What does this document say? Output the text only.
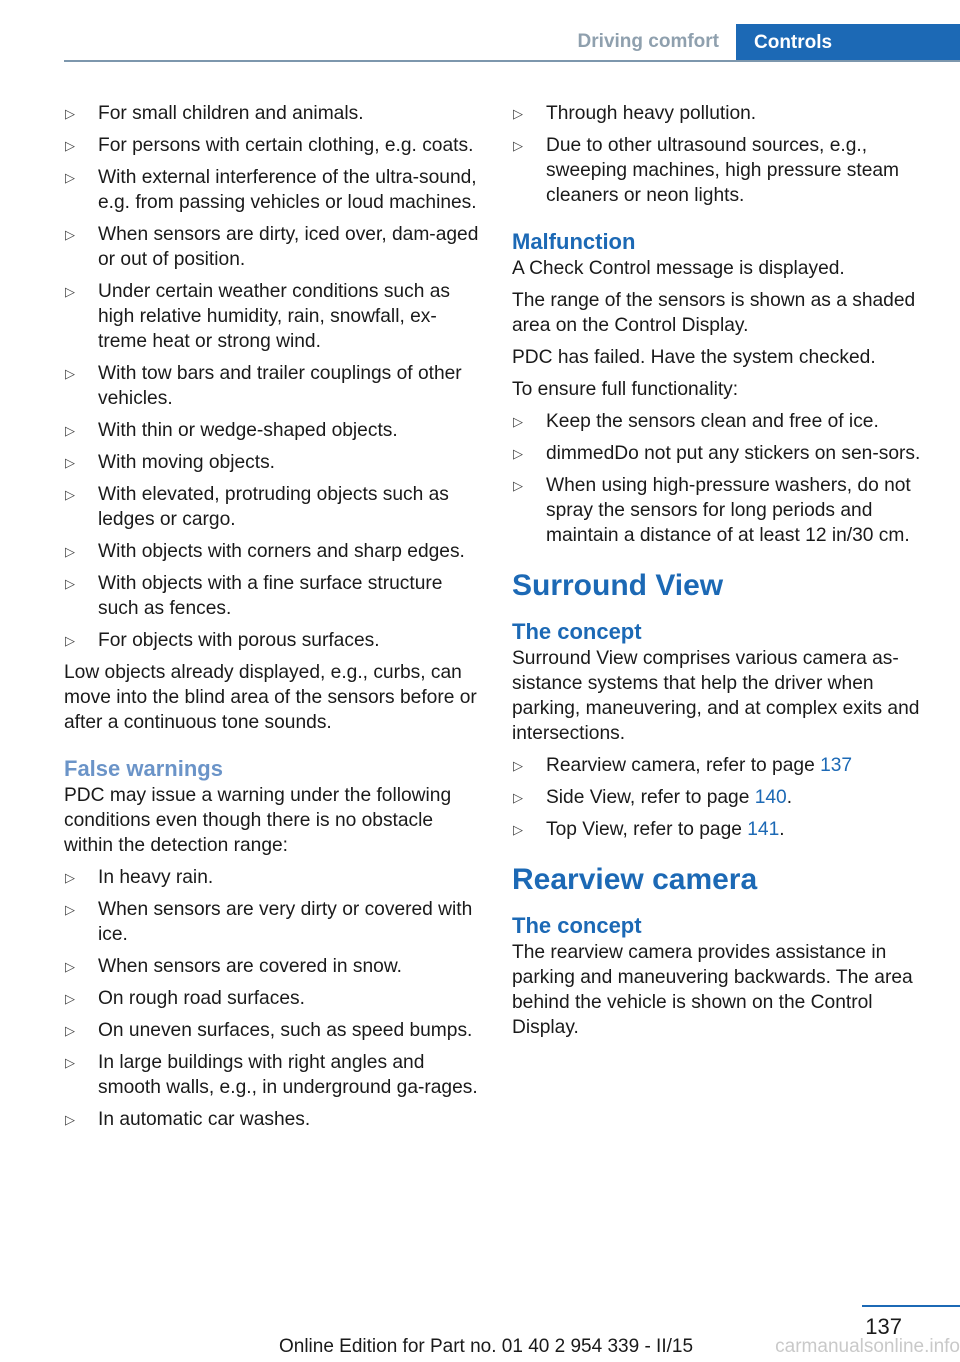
Driving comfort	Controls
▷ For small children and animals.
▷ For persons with certain clothing, e.g. coats.
▷ With external interference of the ultra-sound, e.g. from passing vehicles or loud machines.
▷ When sensors are dirty, iced over, dam-aged or out of position.
▷ Under certain weather conditions such as high relative humidity, rain, snowfall, ex-treme heat or strong wind.
▷ With tow bars and trailer couplings of other vehicles.
▷ With thin or wedge-shaped objects.
▷ With moving objects.
▷ With elevated, protruding objects such as ledges or cargo.
▷ With objects with corners and sharp edges.
▷ With objects with a fine surface structure such as fences.
▷ For objects with porous surfaces.
Low objects already displayed, e.g., curbs, can move into the blind area of the sensors before or after a continuous tone sounds.
False warnings
PDC may issue a warning under the following conditions even though there is no obstacle within the detection range:
▷ In heavy rain.
▷ When sensors are very dirty or covered with ice.
▷ When sensors are covered in snow.
▷ On rough road surfaces.
▷ On uneven surfaces, such as speed bumps.
▷ In large buildings with right angles and smooth walls, e.g., in underground ga-rages.
▷ In automatic car washes.
▷ Through heavy pollution.
▷ Due to other ultrasound sources, e.g., sweeping machines, high pressure steam cleaners or neon lights.
Malfunction
A Check Control message is displayed.
The range of the sensors is shown as a shaded area on the Control Display.
PDC has failed. Have the system checked.
To ensure full functionality:
▷ Keep the sensors clean and free of ice.
▷ dimmedDo not put any stickers on sen-sors.
▷ When using high-pressure washers, do not spray the sensors for long periods and maintain a distance of at least 12 in/30 cm.
Surround View
The concept
Surround View comprises various camera as-sistance systems that help the driver when parking, maneuvering, and at complex exits and intersections.
▷ Rearview camera, refer to page 137
▷ Side View, refer to page 140.
▷ Top View, refer to page 141.
Rearview camera
The concept
The rearview camera provides assistance in parking and maneuvering backwards. The area behind the vehicle is shown on the Control Display.
137
Online Edition for Part no. 01 40 2 954 339 - II/15	carmanualsonline.info
